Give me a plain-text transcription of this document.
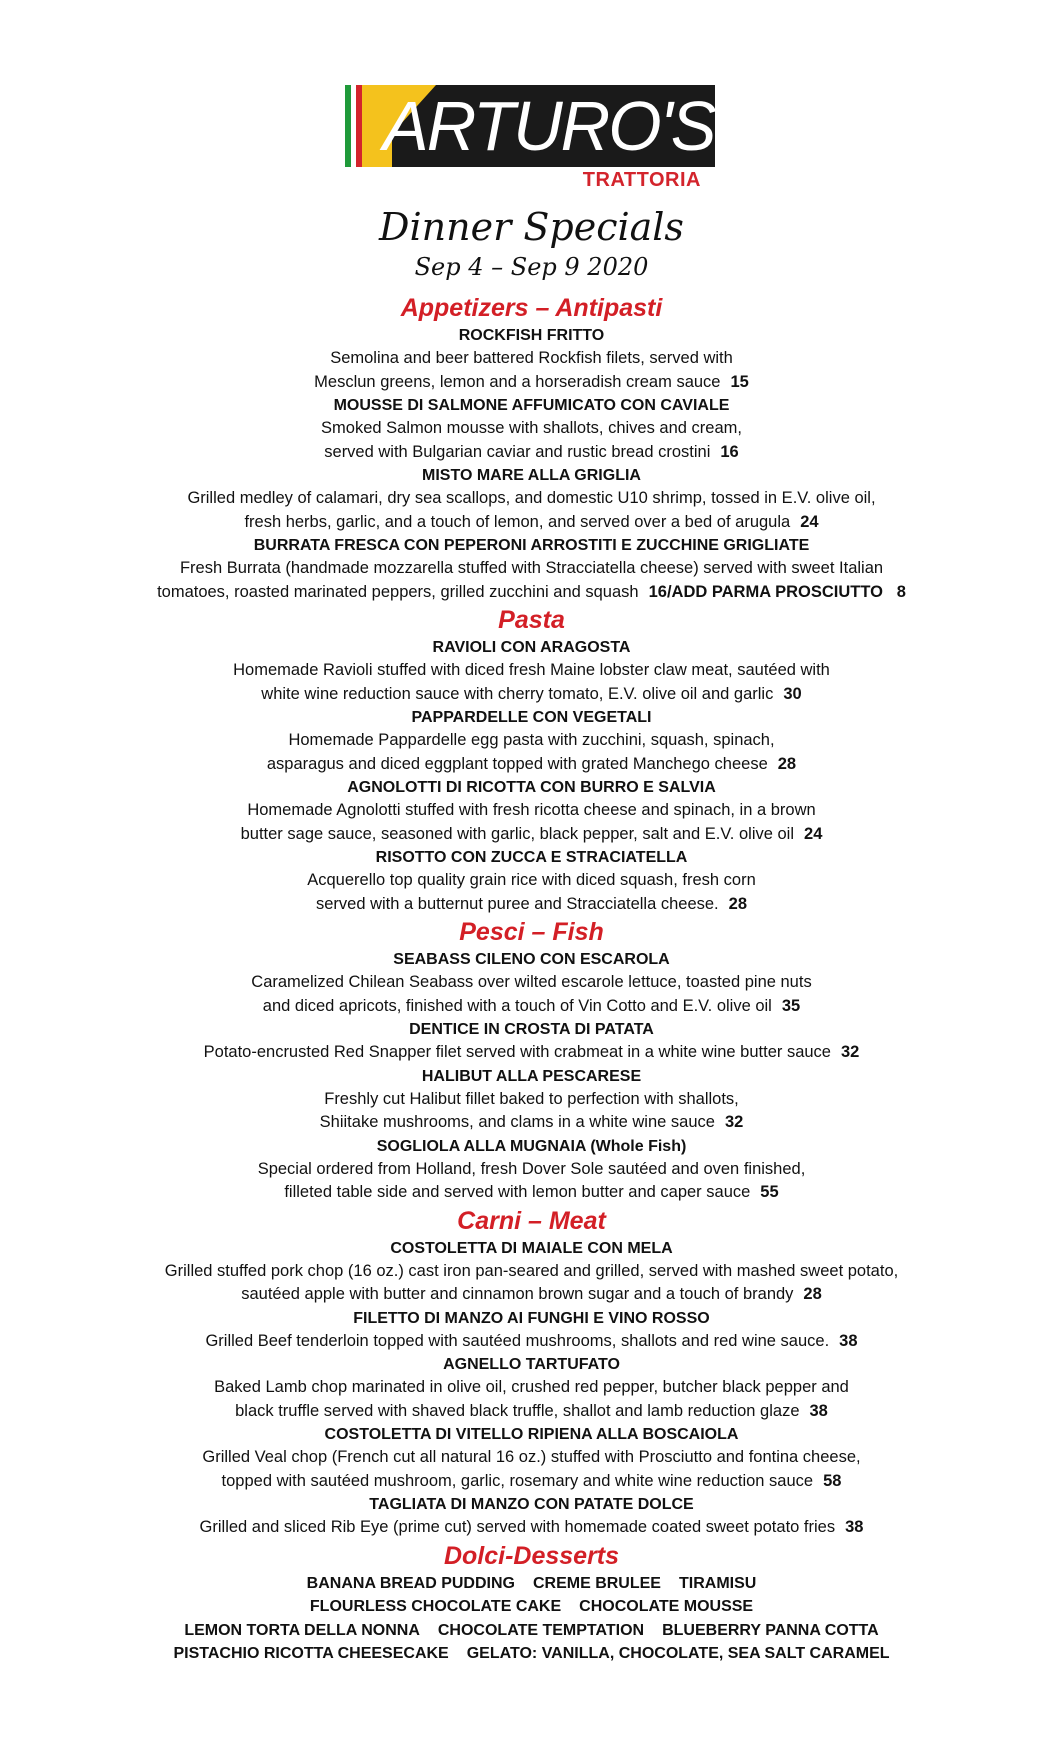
ARTURO'S
TRATTORIA
Dinner Specials
Sep 4 – Sep 9 2020
Appetizers – Antipasti
ROCKFISH FRITTO
Semolina and beer battered Rockfish filets, served with
Mesclun greens, lemon and a horseradish cream sauce 15
MOUSSE DI SALMONE AFFUMICATO CON CAVIALE
Smoked Salmon mousse with shallots, chives and cream,
served with Bulgarian caviar and rustic bread crostini 16
MISTO MARE ALLA GRIGLIA
Grilled medley of calamari, dry sea scallops, and domestic U10 shrimp, tossed in E.V. olive oil,
fresh herbs, garlic, and a touch of lemon, and served over a bed of arugula 24
BURRATA FRESCA CON PEPERONI ARROSTITI E ZUCCHINE GRIGLIATE
Fresh Burrata (handmade mozzarella stuffed with Stracciatella cheese) served with sweet Italian
tomatoes, roasted marinated peppers, grilled zucchini and squash 16/ADD PARMA PROSCIUTTO   8
Pasta
RAVIOLI CON ARAGOSTA
Homemade Ravioli stuffed with diced fresh Maine lobster claw meat, sautéed with
white wine reduction sauce with cherry tomato, E.V. olive oil and garlic 30
PAPPARDELLE CON VEGETALI
Homemade Pappardelle egg pasta with zucchini, squash, spinach,
asparagus and diced eggplant topped with grated Manchego cheese 28
AGNOLOTTI DI RICOTTA CON BURRO E SALVIA
Homemade Agnolotti stuffed with fresh ricotta cheese and spinach, in a brown
butter sage sauce, seasoned with garlic, black pepper, salt and E.V. olive oil 24
RISOTTO CON ZUCCA E STRACIATELLA
Acquerello top quality grain rice with diced squash, fresh corn
served with a butternut puree and Stracciatella cheese. 28
Pesci – Fish
SEABASS CILENO CON ESCAROLA
Caramelized Chilean Seabass over wilted escarole lettuce, toasted pine nuts
and diced apricots, finished with a touch of Vin Cotto and E.V. olive oil 35
DENTICE IN CROSTA DI PATATA
Potato-encrusted Red Snapper filet served with crabmeat in a white wine butter sauce 32
HALIBUT ALLA PESCARESE
Freshly cut Halibut fillet baked to perfection with shallots,
Shiitake mushrooms, and clams in a white wine sauce 32
SOGLIOLA ALLA MUGNAIA (Whole Fish)
Special ordered from Holland, fresh Dover Sole sautéed and oven finished,
filleted table side and served with lemon butter and caper sauce 55
Carni – Meat
COSTOLETTA DI MAIALE CON MELA
Grilled stuffed pork chop (16 oz.) cast iron pan-seared and grilled, served with mashed sweet potato,
sautéed apple with butter and cinnamon brown sugar and a touch of brandy 28
FILETTO DI MANZO AI FUNGHI E VINO ROSSO
Grilled Beef tenderloin topped with sautéed mushrooms, shallots and red wine sauce. 38
AGNELLO TARTUFATO
Baked Lamb chop marinated in olive oil, crushed red pepper, butcher black pepper and
black truffle served with shaved black truffle, shallot and lamb reduction glaze 38
COSTOLETTA DI VITELLO RIPIENA ALLA BOSCAIOLA
Grilled Veal chop (French cut all natural 16 oz.) stuffed with Prosciutto and fontina cheese,
topped with sautéed mushroom, garlic, rosemary and white wine reduction sauce 58
TAGLIATA DI MANZO CON PATATE DOLCE
Grilled and sliced Rib Eye (prime cut) served with homemade coated sweet potato fries 38
Dolci-Desserts
BANANA BREAD PUDDING CREME BRULEE TIRAMISU
FLOURLESS CHOCOLATE CAKE CHOCOLATE MOUSSE
LEMON TORTA DELLA NONNA CHOCOLATE TEMPTATION BLUEBERRY PANNA COTTA
PISTACHIO RICOTTA CHEESECAKE GELATO: VANILLA, CHOCOLATE, SEA SALT CARAMEL
